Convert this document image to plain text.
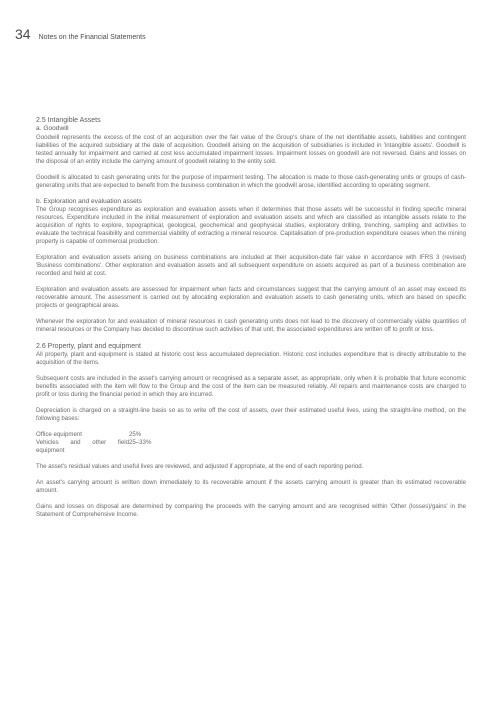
34 Notes on the Financial Statements
2.5 Intangible Assets
a. Goodwill

Goodwill represents the excess of the cost of an acquisition over the fair value of the Group's share of the net identifiable assets, liabilities and contingent liabilities of the acquired subsidiary at the date of acquisition. Goodwill arising on the acquisition of subsidiaries is included in 'intangible assets'. Goodwill is tested annually for impairment and carried at cost less accumulated impairment losses. Impairment losses on goodwill are not reversed. Gains and losses on the disposal of an entity include the carrying amount of goodwill relating to the entity sold.

Goodwill is allocated to cash generating units for the purpose of impairment testing. The allocation is made to those cash-generating units or groups of cash-generating units that are expected to benefit from the business combination in which the goodwill arose, identified according to operating segment.

b. Exploration and evaluation assets

The Group recognises expenditure as exploration and evaluation assets when it determines that those assets will be successful in finding specific mineral resources. Expenditure included in the initial measurement of exploration and evaluation assets and which are classified as intangible assets relate to the acquisition of rights to explore, topographical, geological, geochemical and geophysical studies, exploratory drilling, trenching, sampling and activities to evaluate the technical feasibility and commercial viability of extracting a mineral resource. Capitalisation of pre-production expenditure ceases when the mining property is capable of commercial production.

Exploration and evaluation assets arising on business combinations are included at their acquisition-date fair value in accordance with IFRS 3 (revised) 'Business combinations'. Other exploration and evaluation assets and all subsequent expenditure on assets acquired as part of a business combination are recorded and held at cost.

Exploration and evaluation assets are assessed for impairment when facts and circumstances suggest that the carrying amount of an asset may exceed its recoverable amount. The assessment is carried out by allocating exploration and evaluation assets to cash generating units, which are based on specific projects or geographical areas.

Whenever the exploration for and evaluation of mineral resources in cash generating units does not lead to the discovery of commercially viable quantities of mineral resources or the Company has decided to discontinue such activities of that unit, the associated expenditures are written off to profit or loss.

2.6 Property, plant and equipment

All property, plant and equipment is stated at historic cost less accumulated depreciation. Historic cost includes expenditure that is directly attributable to the acquisition of the items.

Subsequent costs are included in the asset's carrying amount or recognised as a separate asset, as appropriate, only when it is probable that future economic benefits associated with the item will flow to the Group and the cost of the item can be measured reliably. All repairs and maintenance costs are charged to profit or loss during the financial period in which they are incurred.

Depreciation is charged on a straight-line basis so as to write off the cost of assets, over their estimated useful lives, using the straight-line method, on the following bases:

Office equipment	25%
Vehicles and other field equipment
25–33%

The asset's residual values and useful lives are reviewed, and adjusted if appropriate, at the end of each reporting period.

An asset's carrying amount is written down immediately to its recoverable amount if the assets carrying amount is greater than its estimated recoverable amount.

Gains and losses on disposal are determined by comparing the proceeds with the carrying amount and are recognised within 'Other (losses)/gains' in the Statement of Comprehensive Income.
